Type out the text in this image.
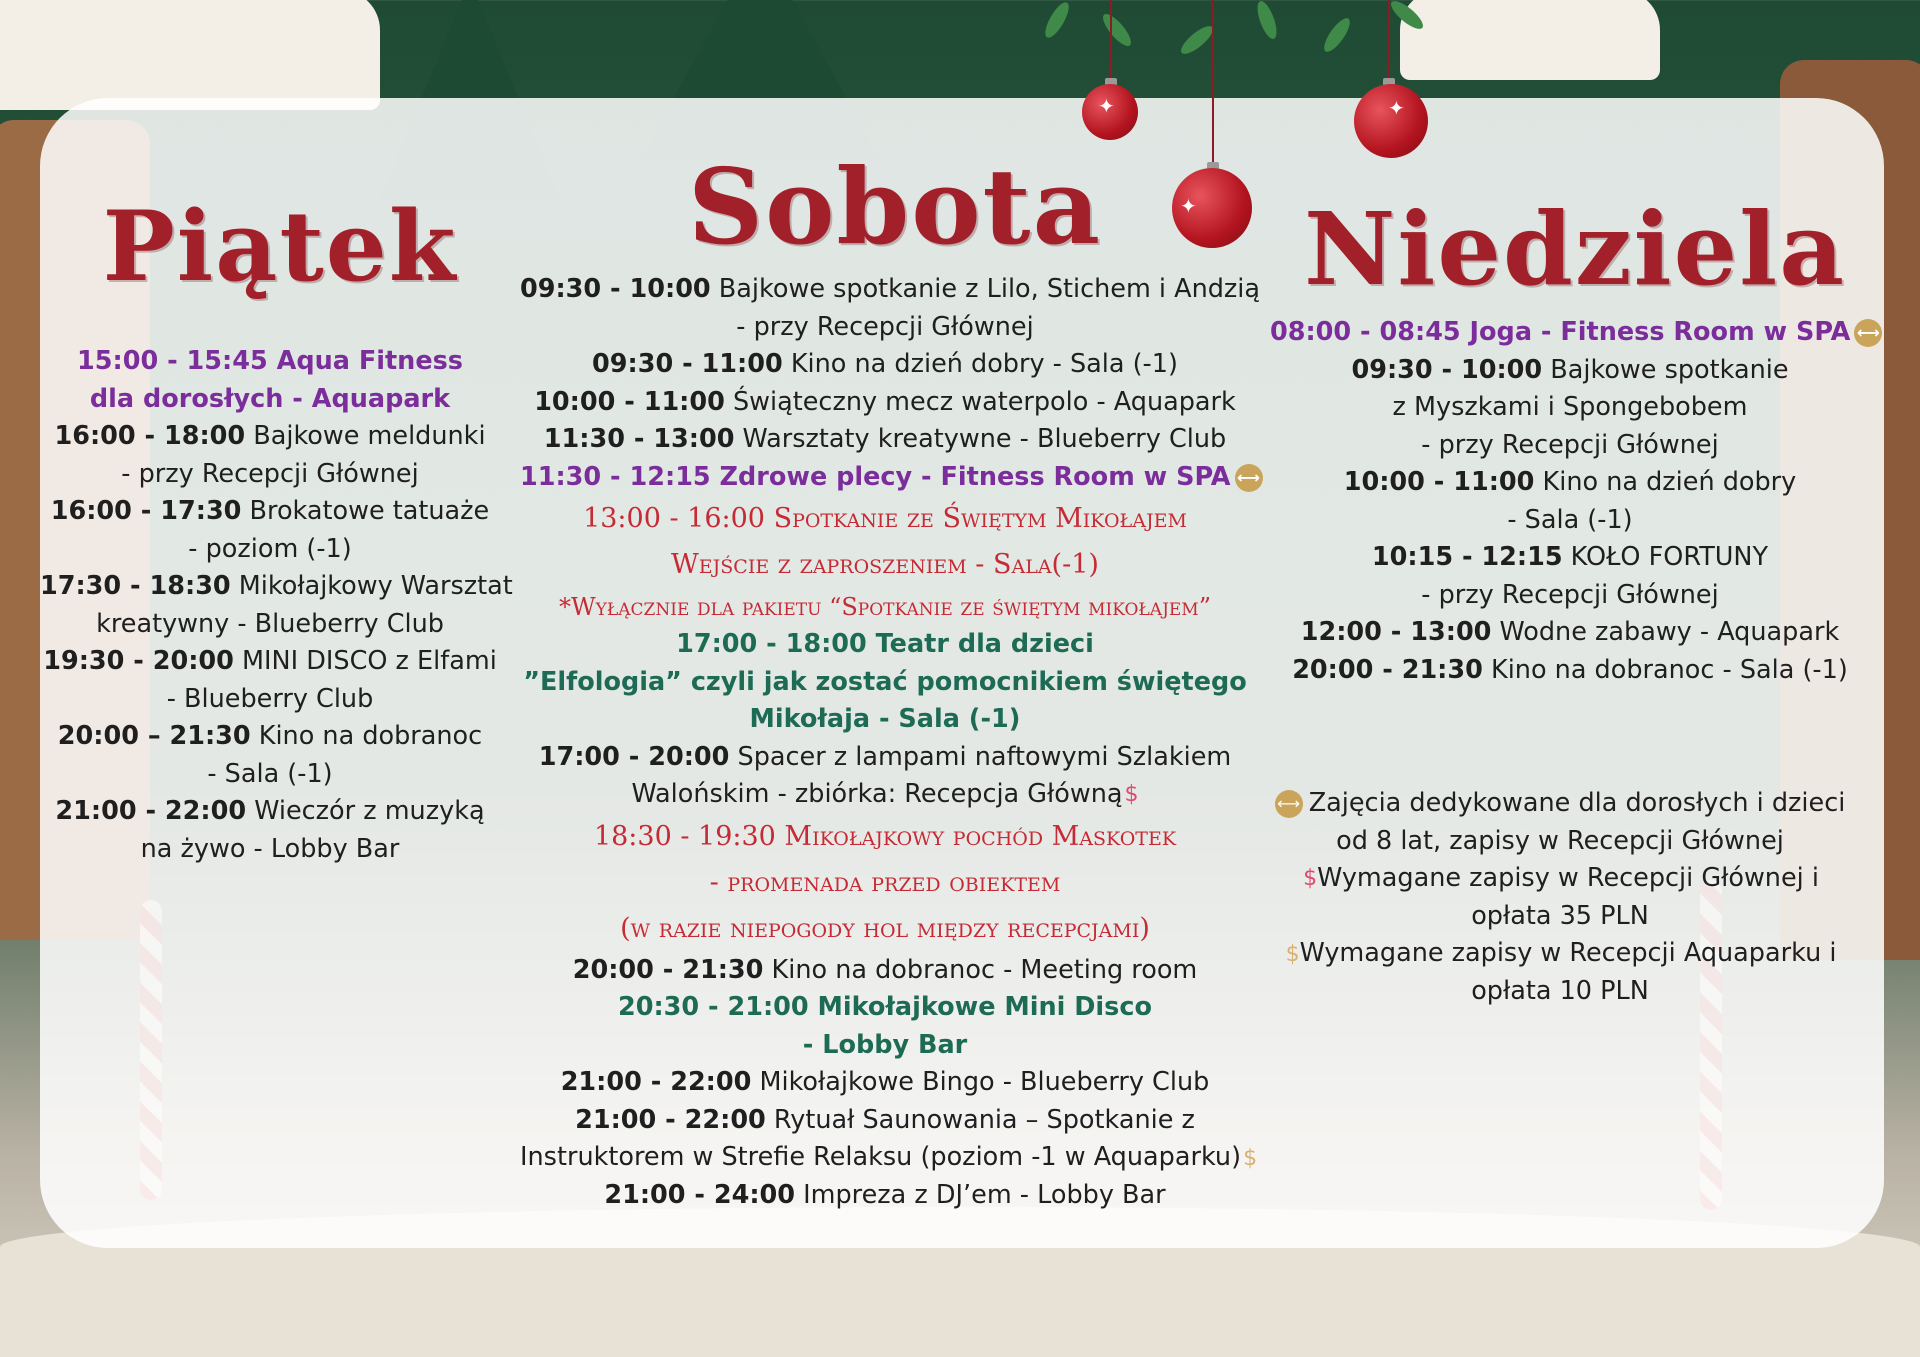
✦
✦
✦
Piątek Sobota Niedziela
15:00 - 15:45 Aqua Fitness
dla dorosłych - Aquapark
16:00 - 18:00 Bajkowe meldunki
- przy Recepcji Głównej
16:00 - 17:30 Brokatowe tatuaże
- poziom (-1)
17:30 - 18:30 Mikołajkowy Warsztat
kreatywny - Blueberry Club
19:30 - 20:00 MINI DISCO z Elfami
- Blueberry Club
20:00 – 21:30 Kino na dobranoc
- Sala (-1)
21:00 - 22:00 Wieczór z muzyką
na żywo - Lobby Bar
09:30 - 10:00 Bajkowe spotkanie z Lilo, Stichem i Andzią
- przy Recepcji Głównej
09:30 - 11:00 Kino na dzień dobry - Sala (-1)
10:00 - 11:00 Świąteczny mecz waterpolo - Aquapark
11:30 - 13:00 Warsztaty kreatywne - Blueberry Club
11:30 - 12:15 Zdrowe plecy - Fitness Room w SPA ⟷
13:00 - 16:00 Spotkanie ze Świętym Mikołajem
Wejście z zaproszeniem - Sala(-1)
*Wyłącznie dla pakietu “Spotkanie ze świętym mikołajem”
17:00 - 18:00 Teatr dla dzieci
”Elfologia” czyli jak zostać pomocnikiem świętego
Mikołaja - Sala (-1)
17:00 - 20:00 Spacer z lampami naftowymi Szlakiem
Walońskim - zbiórka: Recepcja Główną$
18:30 - 19:30 Mikołajkowy pochód Maskotek
- promenada przed obiektem
(w razie niepogody hol między recepcjami)
20:00 - 21:30 Kino na dobranoc - Meeting room
20:30 - 21:00 Mikołajkowe Mini Disco
- Lobby Bar
21:00 - 22:00 Mikołajkowe Bingo - Blueberry Club
21:00 - 22:00 Rytuał Saunowania – Spotkanie z
Instruktorem w Strefie Relaksu (poziom -1 w Aquaparku)$
21:00 - 24:00 Impreza z DJ’em - Lobby Bar
08:00 - 08:45 Joga - Fitness Room w SPA ⟷
09:30 - 10:00 Bajkowe spotkanie
z Myszkami i Spongebobem
- przy Recepcji Głównej
10:00 - 11:00 Kino na dzień dobry
- Sala (-1)
10:15 - 12:15 KOŁO FORTUNY
- przy Recepcji Głównej
12:00 - 13:00 Wodne zabawy - Aquapark
20:00 - 21:30 Kino na dobranoc - Sala (-1)
⟷ Zajęcia dedykowane dla dorosłych i dzieci
od 8 lat, zapisy w Recepcji Głównej
$Wymagane zapisy w Recepcji Głównej i
opłata 35 PLN
$Wymagane zapisy w Recepcji Aquaparku i
opłata 10 PLN
